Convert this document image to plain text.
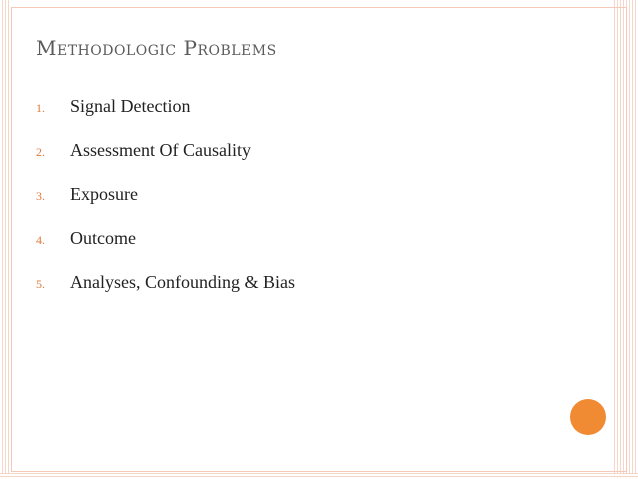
Methodologic Problems
1.	Signal Detection
2.	Assessment Of Causality
3.	Exposure
4.	Outcome
5.	Analyses, Confounding & Bias
